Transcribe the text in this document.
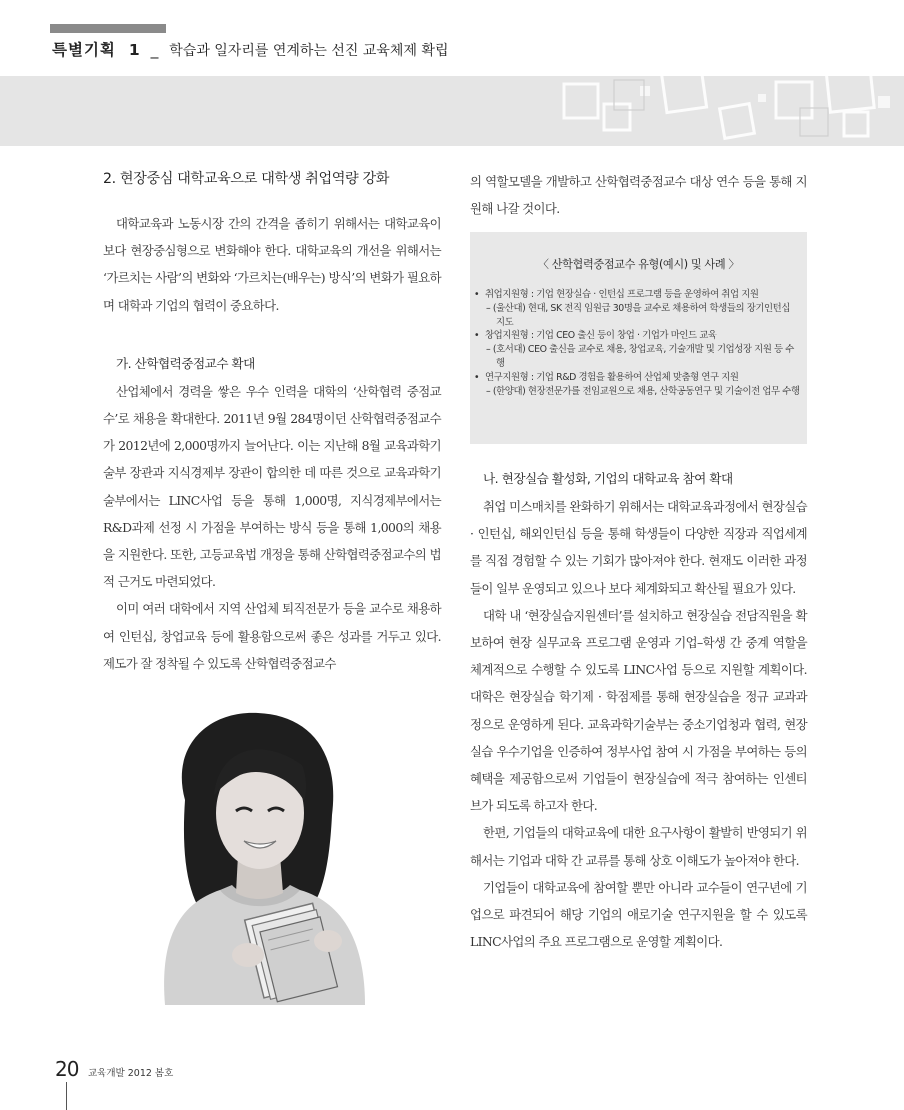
특별기획 1 _ 학습과 일자리를 연계하는 선진 교육체제 확립
2. 현장중심 대학교육으로 대학생 취업역량 강화

대학교육과 노동시장 간의 간격을 좁히기 위해서는 대학교육이 보다 현장중심형으로 변화해야 한다. 대학교육의 개선을 위해서는 ‘가르치는 사람’의 변화와 ‘가르치는(배우는) 방식’의 변화가 필요하며 대학과 기업의 협력이 중요하다.

가. 산학협력중점교수 확대

산업체에서 경력을 쌓은 우수 인력을 대학의 ‘산학협력 중점교수’로 채용을 확대한다. 2011년 9월 284명이던 산학협력중점교수가 2012년에 2,000명까지 늘어난다. 이는 지난해 8월 교육과학기술부 장관과 지식경제부 장관이 합의한 데 따른 것으로 교육과학기술부에서는 LINC사업 등을 통해 1,000명, 지식경제부에서는 R&D과제 선정 시 가점을 부여하는 방식 등을 통해 1,000의 채용을 지원한다. 또한, 고등교육법 개정을 통해 산학협력중점교수의 법적 근거도 마련되었다.

이미 여러 대학에서 지역 산업체 퇴직전문가 등을 교수로 채용하여 인턴십, 창업교육 등에 활용함으로써 좋은 성과를 거두고 있다. 제도가 잘 정착될 수 있도록 산학협력중점교수

의 역할모델을 개발하고 산학협력중점교수 대상 연수 등을 통해 지원해 나갈 것이다.

〈 산학협력중점교수 유형(예시) 및 사례 〉
• 취업지원형 : 기업 현장실습 · 인턴십 프로그램 등을 운영하여 취업 지원
– (울산대) 현대, SK 전직 임원급 30명을 교수로 채용하여 학생들의 장기인턴십 지도
• 창업지원형 : 기업 CEO 출신 등이 창업 · 기업가 마인드 교육
– (호서대) CEO 출신을 교수로 채용, 창업교육, 기술개발 및 기업성장 지원 등 수행
• 연구지원형 : 기업 R&D 경험을 활용하여 산업체 맞춤형 연구 지원
– (한양대) 현장전문가를 전임교원으로 채용, 산학공동연구 및 기술이전 업무 수행
나. 현장실습 활성화, 기업의 대학교육 참여 확대

취업 미스매치를 완화하기 위해서는 대학교육과정에서 현장실습 · 인턴십, 해외인턴십 등을 통해 학생들이 다양한 직장과 직업세계를 직접 경험할 수 있는 기회가 많아져야 한다. 현재도 이러한 과정들이 일부 운영되고 있으나 보다 체계화되고 확산될 필요가 있다.

대학 내 ‘현장실습지원센터’를 설치하고 현장실습 전담직원을 확보하여 현장 실무교육 프로그램 운영과 기업–학생 간 중계 역할을 체계적으로 수행할 수 있도록 LINC사업 등으로 지원할 계획이다. 대학은 현장실습 학기제 · 학점제를 통해 현장실습을 정규 교과과정으로 운영하게 된다. 교육과학기술부는 중소기업청과 협력, 현장실습 우수기업을 인증하여 정부사업 참여 시 가점을 부여하는 등의 혜택을 제공함으로써 기업들이 현장실습에 적극 참여하는 인센티브가 되도록 하고자 한다.

한편, 기업들의 대학교육에 대한 요구사항이 활발히 반영되기 위해서는 기업과 대학 간 교류를 통해 상호 이해도가 높아져야 한다.

기업들이 대학교육에 참여할 뿐만 아니라 교수들이 연구년에 기업으로 파견되어 해당 기업의 애로기술 연구지원을 할 수 있도록 LINC사업의 주요 프로그램으로 운영할 계획이다.

20 교육개발 2012 봄호
